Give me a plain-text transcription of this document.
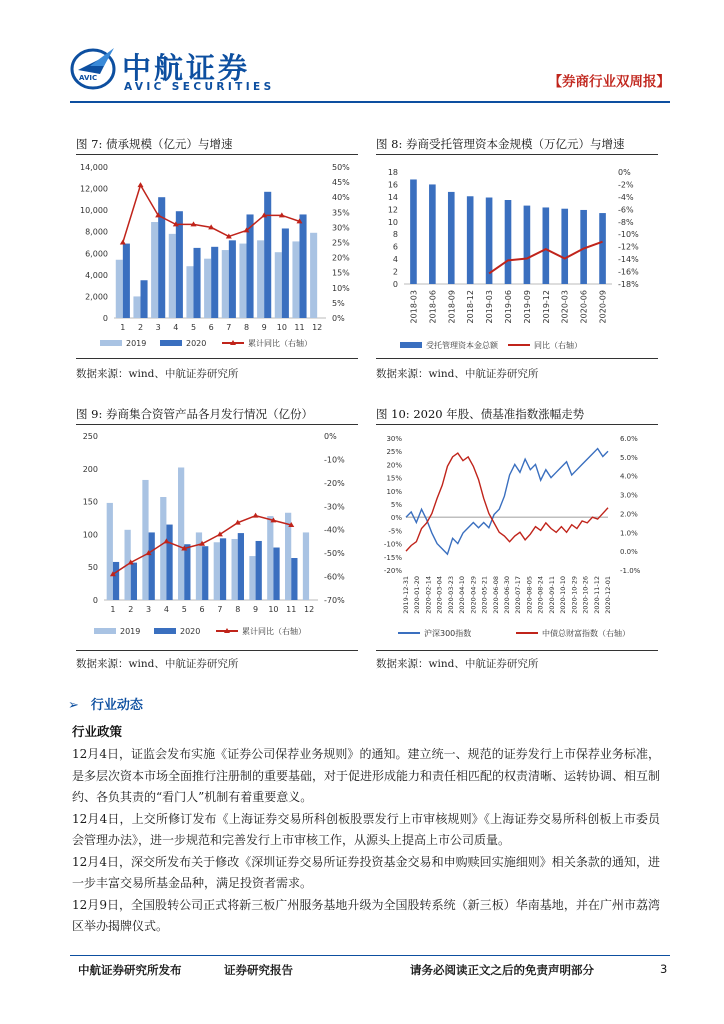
AVIC 中航证券
AVIC SECURITIES	【券商行业双周报】
图 7: 债承规模（亿元）与增速
0
2,000
4,000
6,000
8,000
10,000
12,000
14,000
0%
5%
10%
15%
20%
25%
30%
35%
40%
45%
50%
1 2 3 4 5 6 7 8 9 10 11 12
2019	2020	累计同比（右轴）
数据来源：wind、中航证券研究所
图 8: 券商受托管理资本金规模（万亿元）与增速
0
2
4
6
8
10
12
14
16
18	0%
-2%
-4%
-6%
-8%
-10%
-12%
-14%
-16%
-18%
2018-03 2018-06 2018-09 2018-12 2019-03 2019-06 2019-09 2019-12 2020-03 2020-06 2020-09
受托管理资本金总额	同比（右轴）
数据来源：wind、中航证券研究所
图 9: 券商集合资管产品各月发行情况（亿份）
0
50
100
150
200
250	0%
-10%
-20%
-30%
-40%
-50%
-60%
-70%
1 2 3 4 5 6 7 8 9 10 11 12
2019	2020	累计同比（右轴）
数据来源：wind、中航证券研究所
图 10: 2020 年股、债基准指数涨幅走势
30%
25%
20%
15%
10%
5%
0%
-5%
-10%
-15%
-20%
6.0%
5.0%
4.0%
3.0%
2.0%
1.0%
0.0%
-1.0%
2019-12-31 2020-01-20 2020-02-14 2020-03-04 2020-03-23 2020-04-10 2020-04-29 2020-05-21 2020-06-08 2020-06-30 2020-07-17 2020-08-05 2020-08-24 2020-09-11 2020-10-10 2020-10-29 2020-10-26 2020-11-12 2020-12-01
沪深300指数	中债总财富指数（右轴）
数据来源：wind、中航证券研究所
➢ 行业动态
行业政策

12月4日，证监会发布实施《证券公司保荐业务规则》的通知。建立统一、规范的证券发行上市保荐业务标准，是多层次资本市场全面推行注册制的重要基础，对于促进形成能力和责任相匹配的权责清晰、运转协调、相互制约、各负其责的“看门人”机制有着重要意义。

12月4日，上交所修订发布《上海证券交易所科创板股票发行上市审核规则》《上海证券交易所科创板上市委员会管理办法》，进一步规范和完善发行上市审核工作，从源头上提高上市公司质量。

12月4日，深交所发布关于修改《深圳证券交易所证券投资基金交易和申购赎回实施细则》相关条款的通知，进一步丰富交易所基金品种，满足投资者需求。

12月9日，全国股转公司正式将新三板广州服务基地升级为全国股转系统（新三板）华南基地，并在广州市荔湾区举办揭牌仪式。

中航证券研究所发布	证券研究报告	请务必阅读正文之后的免责声明部分	3
